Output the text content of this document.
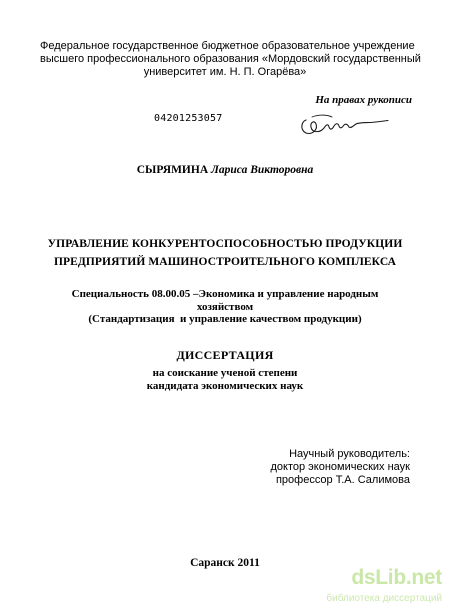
Федеральное государственное бюджетное образовательное учреждение
высшего профессионального образования «Мордовский государственный
университет им. Н. П. Огарёва»
На правах рукописи
04201253057
СЫРЯМИНА Лариса Викторовна
УПРАВЛЕНИЕ КОНКУРЕНТОСПОСОБНОСТЬЮ ПРОДУКЦИИ
ПРЕДПРИЯТИЙ МАШИНОСТРОИТЕЛЬНОГО КОМПЛЕКСА
Специальность 08.00.05 –Экономика и управление народным
хозяйством
(Стандартизация  и управление качеством продукции)
ДИССЕРТАЦИЯ
на соискание ученой степени
кандидата экономических наук
Научный руководитель:
доктор экономических наук
профессор Т.А. Салимова
Саранск 2011
dsLib.net
библиотека диссертаций
